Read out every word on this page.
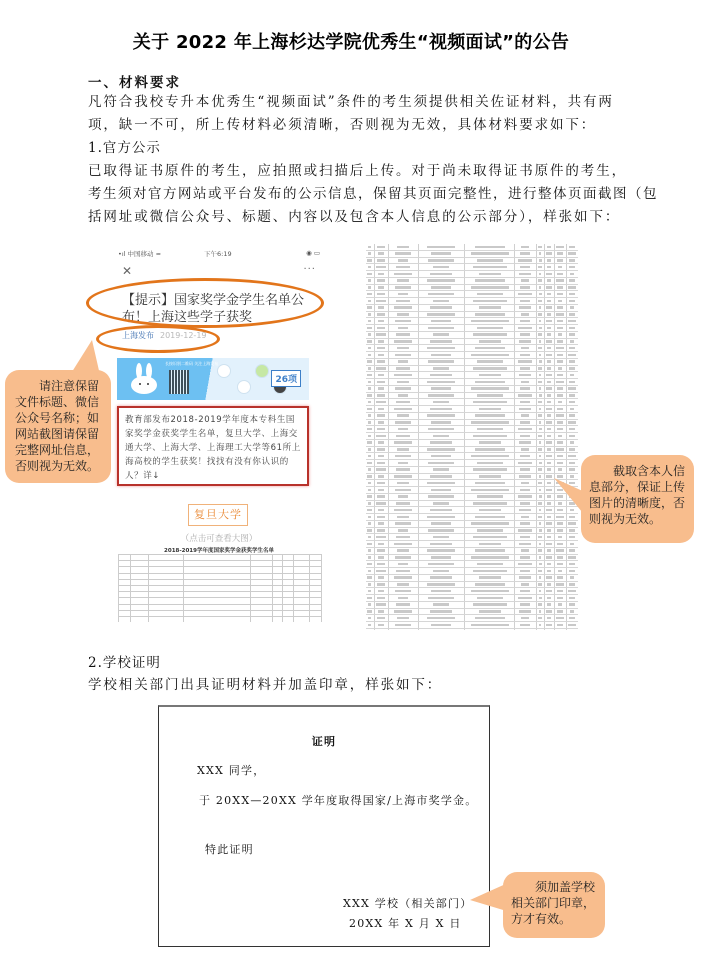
关于 2022 年上海杉达学院优秀生“视频面试”的公告
一、材料要求
凡符合我校专升本优秀生“视频面试”条件的考生须提供相关佐证材料，共有两
项，缺一不可，所上传材料必须清晰，否则视为无效，具体材料要求如下：
1.官方公示
已取得证书原件的考生，应拍照或扫描后上传。对于尚未取得证书原件的考生，
考生须对官方网站或平台发布的公示信息，保留其页面完整性，进行整体页面截图（包
括网址或微信公众号、标题、内容以及包含本人信息的公示部分），样张如下：
•ıl 中国移动 ≈	下午6:19	◉ ▭
✕	···
【提示】国家奖学金学生名单公布！上海这些学子获奖
上海发布 2019-12-19
长按识别二维码 关注上海发布
26项
教育部发布2018-2019学年度本专科生国家奖学金获奖学生名单，复旦大学、上海交通大学、上海大学、上海理工大学等61所上海高校的学生获奖！找找有没有你认识的人？详↓
复旦大学
（点击可查看大图）
2018-2019学年度国家奖学金获奖学生名单

请注意保留

文件标题、微信

公众号名称；如

网站截图请保留

完整网址信息，

否则视为无效。	截取含本人信

息部分，保证上传

图片的清晰度，否

则视为无效。

2.学校证明
学校相关部门出具证明材料并加盖印章，样张如下：
证明
XXX 同学，
于 20XX—20XX 学年度取得国家/上海市奖学金。
特此证明
XXX 学校（相关部门）
20XX 年 X 月 X 日

须加盖学校

相关部门印章，

方才有效。
